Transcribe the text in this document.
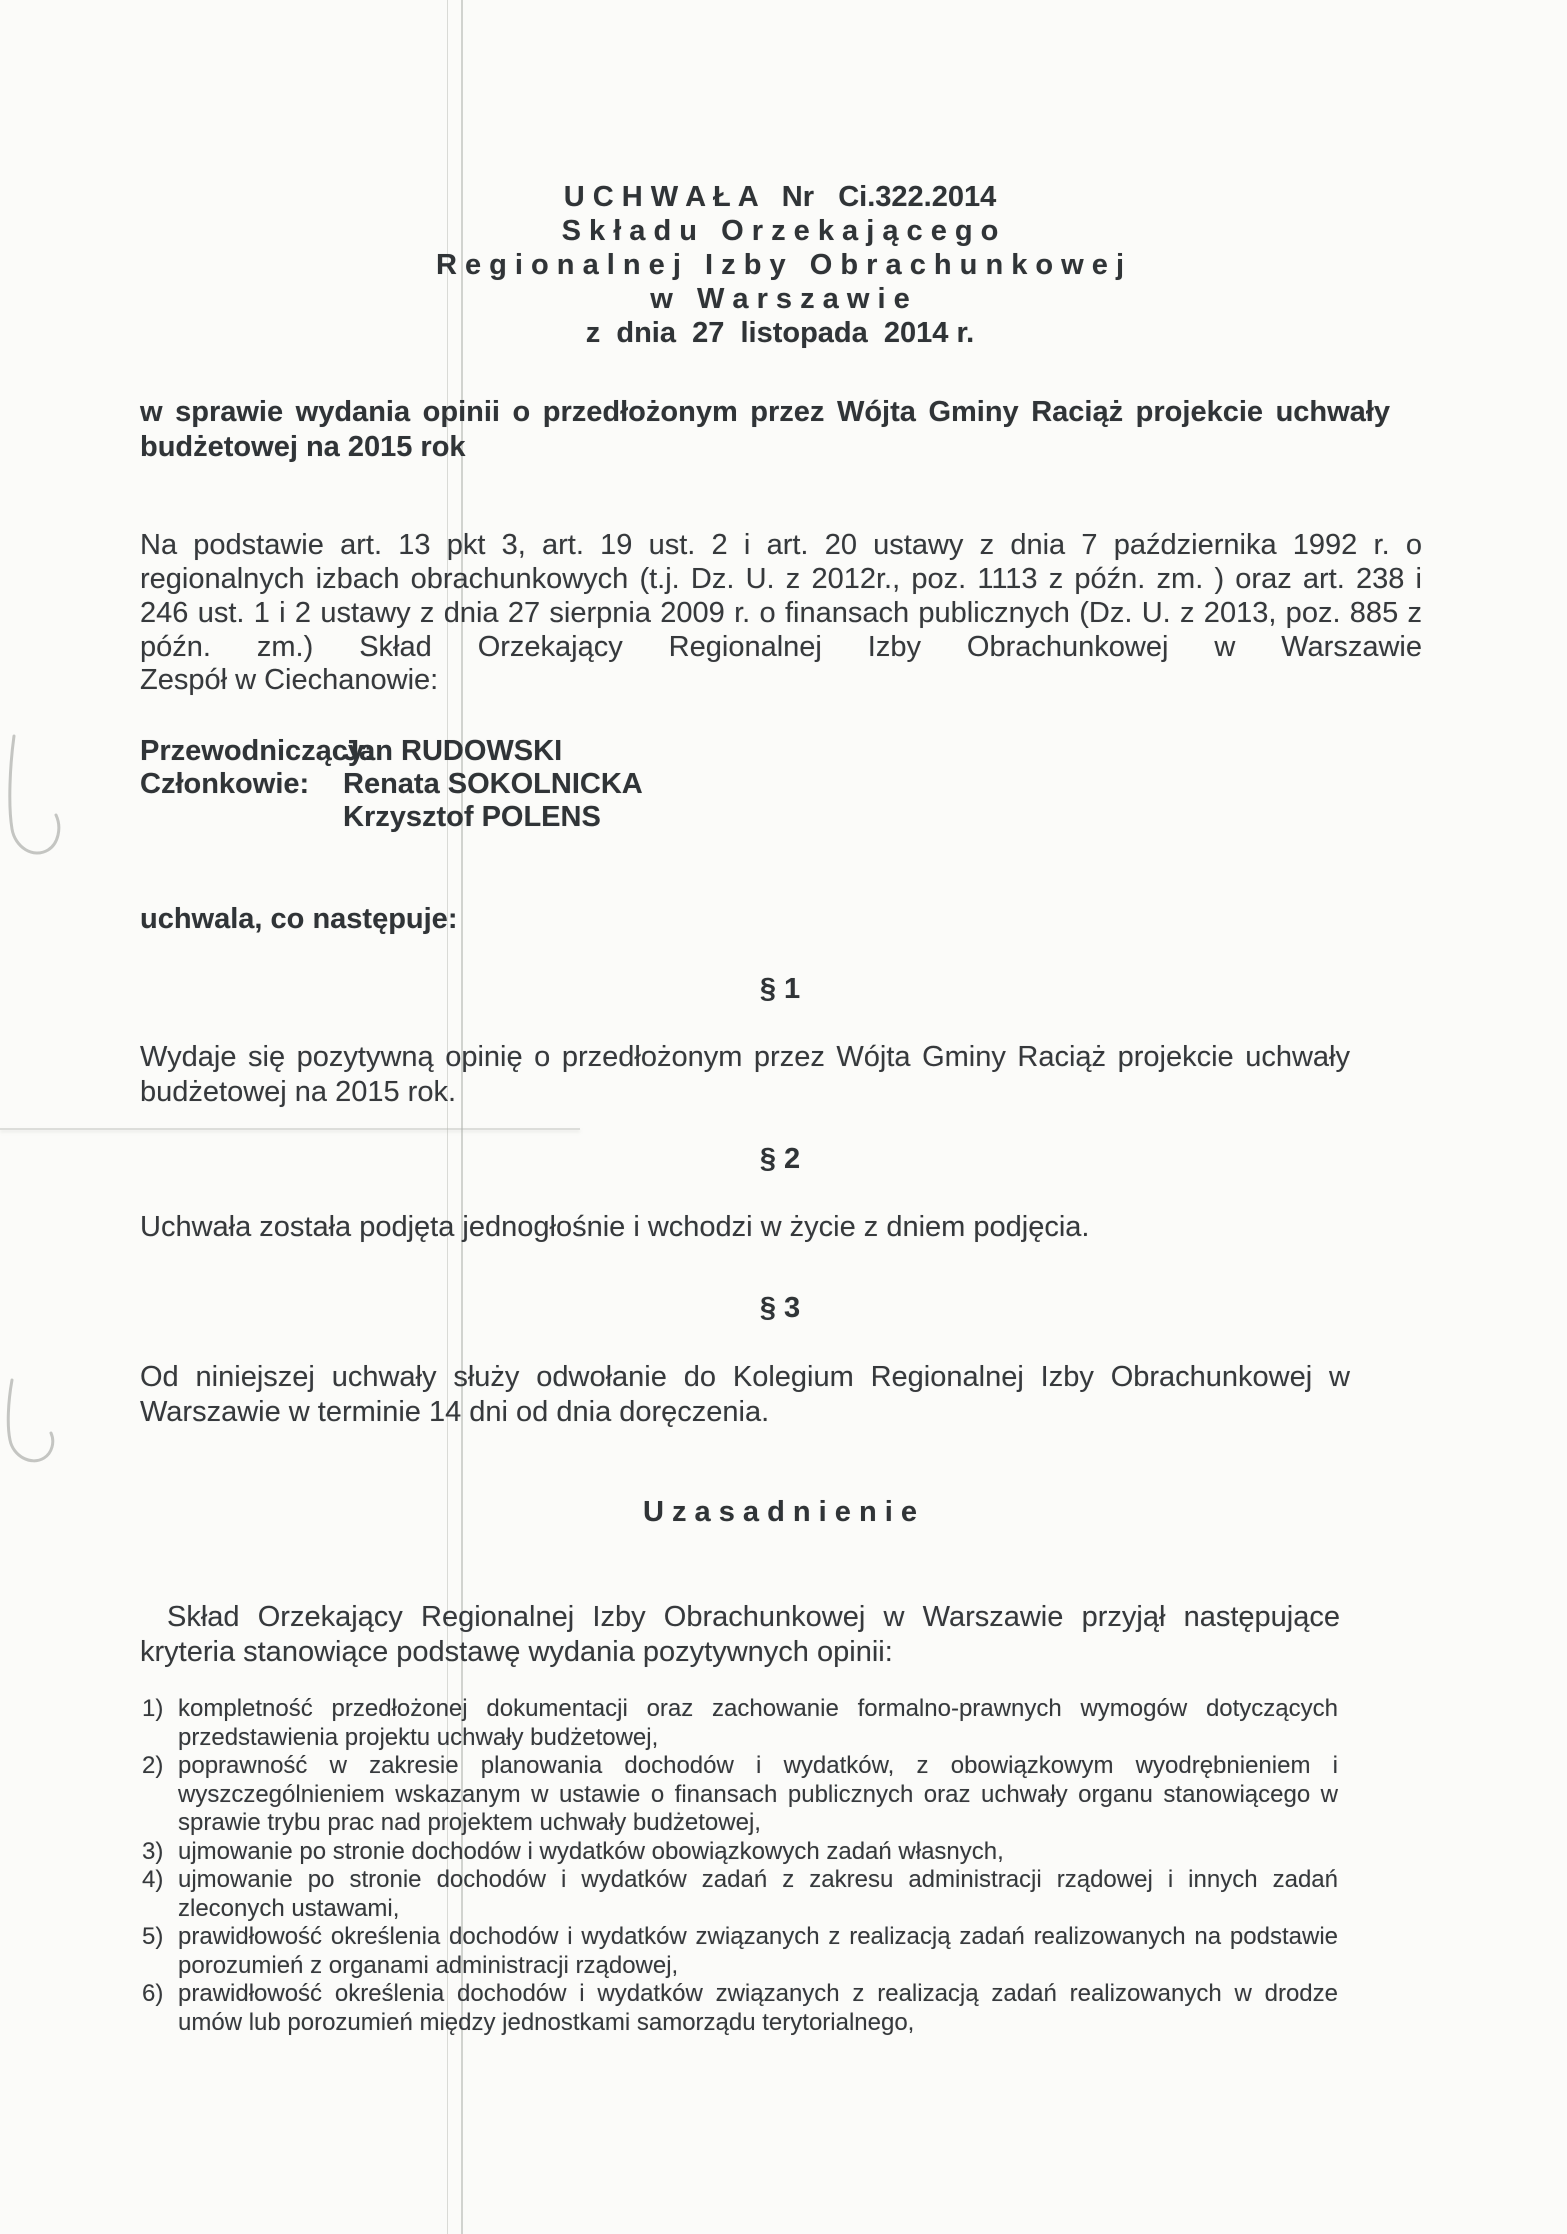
U C H W A Ł A   Nr   Ci.322.2014
S k ł a d u   O r z e k a j ą c e g o
R e g i o n a l n e j   I z b y   O b r a c h u n k o w e j
w   W a r s z a w i e
z  dnia  27  listopada  2014 r.
w sprawie wydania opinii o przedłożonym przez Wójta Gminy Raciąż projekcie uchwały budżetowej na 2015 rok
Na podstawie art. 13 pkt 3, art. 19 ust. 2 i art. 20 ustawy z dnia 7 października 1992 r. o regionalnych izbach obrachunkowych (t.j. Dz. U. z 2012r., poz. 1113 z późn. zm. ) oraz art. 238 i 246 ust. 1 i 2 ustawy z dnia 27 sierpnia 2009 r. o finansach publicznych (Dz. U. z 2013, poz. 885 z późn. zm.) Skład Orzekający Regionalnej Izby Obrachunkowej w Warszawie
Zespół w Ciechanowie:
Przewodniczący:
Jan RUDOWSKI
Członkowie:	Renata SOKOLNICKA
Krzysztof POLENS
uchwala, co następuje:
§ 1
Wydaje się pozytywną opinię o przedłożonym przez Wójta Gminy Raciąż projekcie uchwały budżetowej na 2015 rok.
§ 2
Uchwała została podjęta jednogłośnie i wchodzi w życie z dniem podjęcia.
§ 3
Od niniejszej uchwały służy odwołanie do Kolegium Regionalnej Izby Obrachunkowej w Warszawie w terminie 14 dni od dnia doręczenia.
U z a s a d n i e n i e
Skład Orzekający Regionalnej Izby Obrachunkowej w Warszawie przyjął następujące kryteria stanowiące podstawę wydania pozytywnych opinii:
1) kompletność przedłożonej dokumentacji oraz zachowanie formalno-prawnych wymogów dotyczących przedstawienia projektu uchwały budżetowej,
2) poprawność w zakresie planowania dochodów i wydatków, z obowiązkowym wyodrębnieniem i wyszczególnieniem wskazanym w ustawie o finansach publicznych oraz uchwały organu stanowiącego w sprawie trybu prac nad projektem uchwały budżetowej,
3) ujmowanie po stronie dochodów i wydatków obowiązkowych zadań własnych,
4) ujmowanie po stronie dochodów i wydatków zadań z zakresu administracji rządowej i innych zadań zleconych ustawami,
5) prawidłowość określenia dochodów i wydatków związanych z realizacją zadań realizowanych na podstawie porozumień z organami administracji rządowej,
6) prawidłowość określenia dochodów i wydatków związanych z realizacją zadań realizowanych w drodze umów lub porozumień między jednostkami samorządu terytorialnego,
